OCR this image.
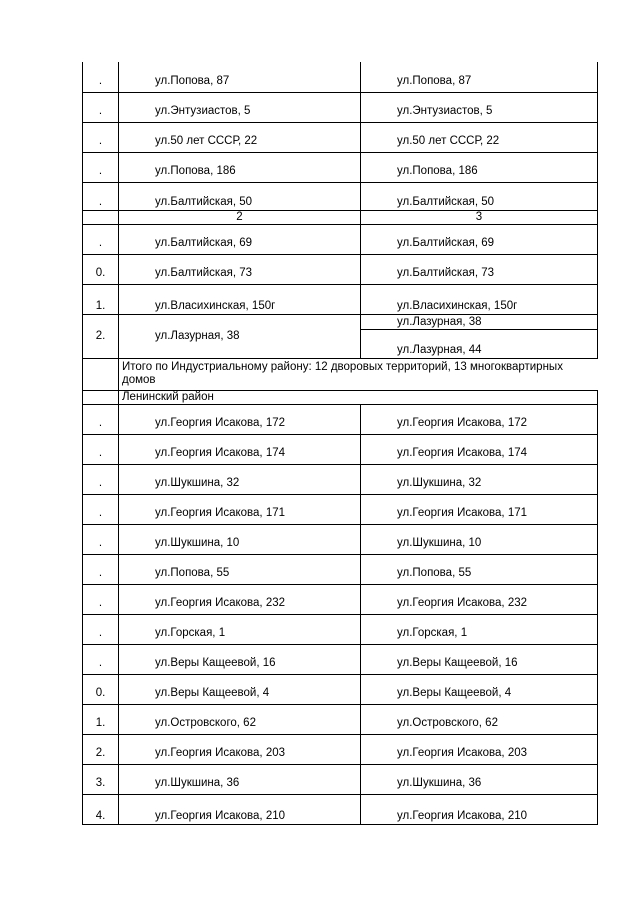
.	ул.Попова, 87	ул.Попова, 87
.	ул.Энтузиастов, 5	ул.Энтузиастов, 5
.	ул.50 лет СССР, 22	ул.50 лет СССР, 22
.	ул.Попова, 186	ул.Попова, 186
.	ул.Балтийская, 50	ул.Балтийская, 50
	2	3
.	ул.Балтийская, 69	ул.Балтийская, 69
0.	ул.Балтийская, 73	ул.Балтийская, 73
1.	ул.Власихинская, 150г	ул.Власихинская, 150г
2.	ул.Лазурная, 38	ул.Лазурная, 38
		ул.Лазурная, 44
	Итого по Индустриальному району: 12 дворовых территорий, 13 многоквартирных домов	
	Ленинский район	
.	ул.Георгия Исакова, 172	ул.Георгия Исакова, 172
.	ул.Георгия Исакова, 174	ул.Георгия Исакова, 174
.	ул.Шукшина, 32	ул.Шукшина, 32
.	ул.Георгия Исакова, 171	ул.Георгия Исакова, 171
.	ул.Шукшина, 10	ул.Шукшина, 10
.	ул.Попова, 55	ул.Попова, 55
.	ул.Георгия Исакова, 232	ул.Георгия Исакова, 232
.	ул.Горская, 1	ул.Горская, 1
.	ул.Веры Кащеевой, 16	ул.Веры Кащеевой, 16
0.	ул.Веры Кащеевой, 4	ул.Веры Кащеевой, 4
1.	ул.Островского, 62	ул.Островского, 62
2.	ул.Георгия Исакова, 203	ул.Георгия Исакова, 203
3.	ул.Шукшина, 36	ул.Шукшина, 36
4.	ул.Георгия Исакова, 210	ул.Георгия Исакова, 210
